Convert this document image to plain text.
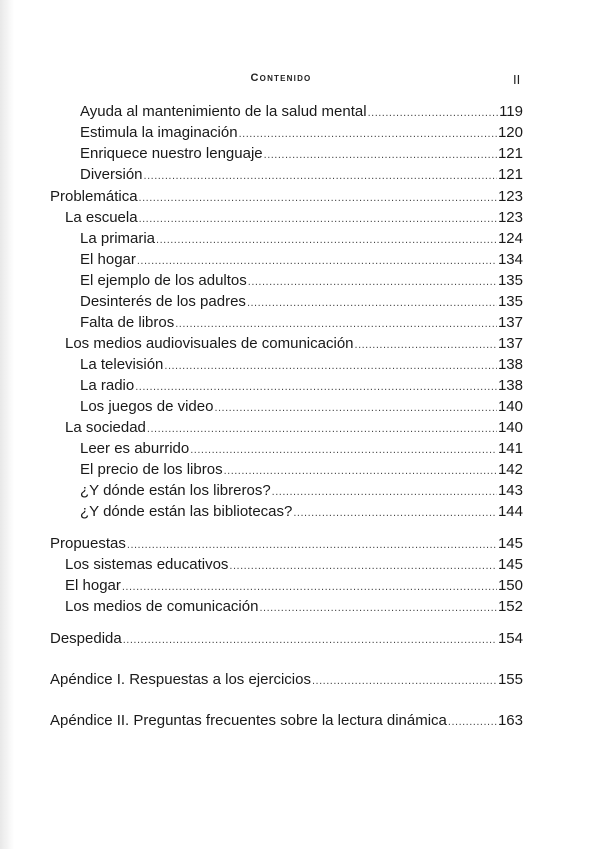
Contenido	II
Ayuda al mantenimiento de la salud mental .....	119
Estimula la imaginación .....	120
Enriquece nuestro lenguaje .....	121
Diversión .....	121
Problemática .....	123
La escuela .....	123
La primaria .....	124
El hogar .....	134
El ejemplo de los adultos .....	135
Desinterés de los padres .....	135
Falta de libros .....	137
Los medios audiovisuales de comunicación .....	137
La televisión .....	138
La radio .....	138
Los juegos de video .....	140
La sociedad .....	140
Leer es aburrido .....	141
El precio de los libros .....	142
¿Y dónde están los libreros? .....	143
¿Y dónde están las bibliotecas? .....	144
Propuestas .....	145
Los sistemas educativos .....	145
El hogar .....	150
Los medios de comunicación .....	152
Despedida .....	154
Apéndice I. Respuestas a los ejercicios .....	155
Apéndice II. Preguntas frecuentes sobre la lectura dinámica .....	163
